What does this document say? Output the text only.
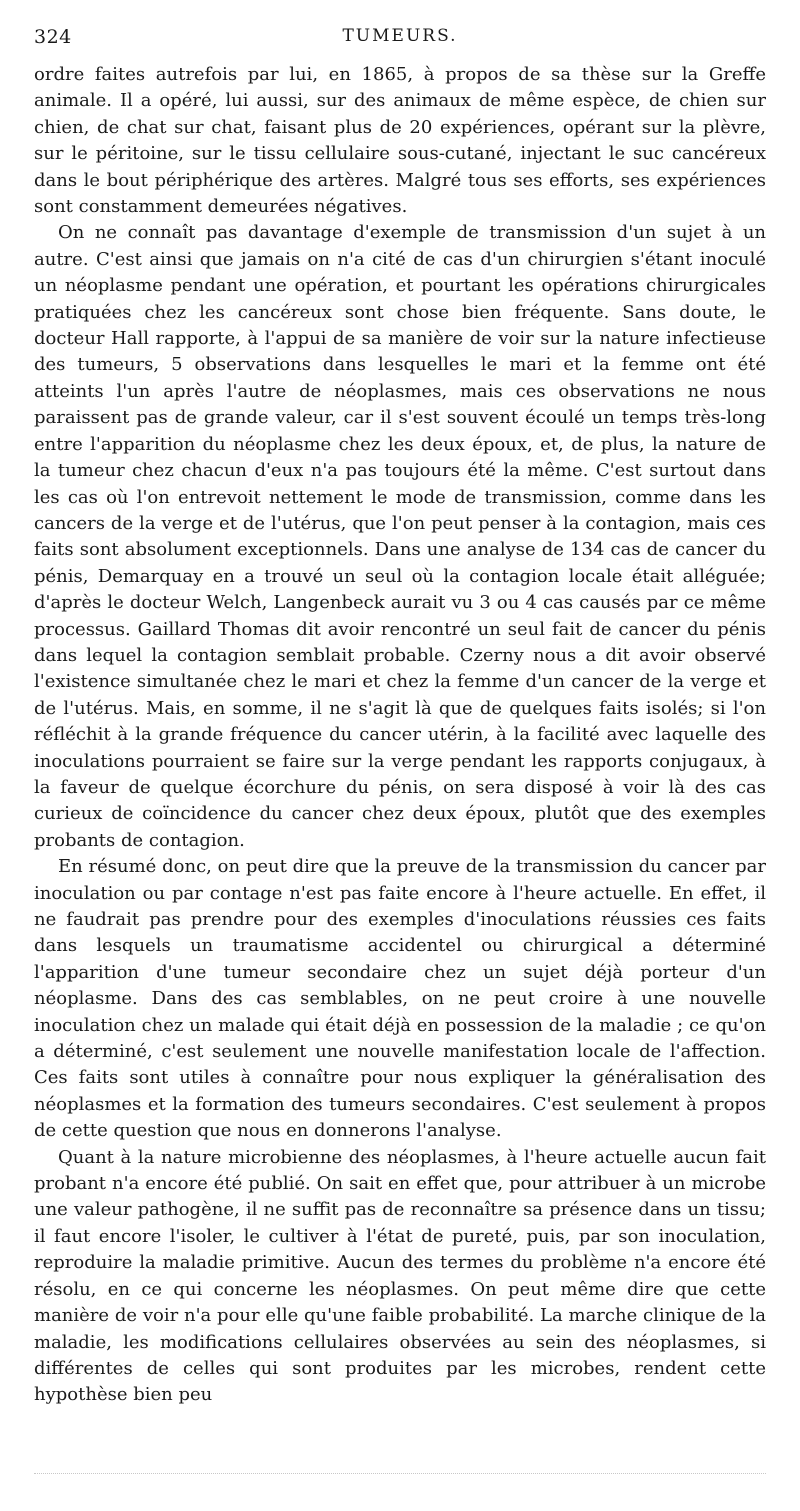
324	TUMEURS.

ordre faites autrefois par lui, en 1865, à propos de sa thèse sur la Greffe animale. Il a opéré, lui aussi, sur des animaux de même espèce, de chien sur chien, de chat sur chat, faisant plus de 20 expériences, opérant sur la plèvre, sur le péritoine, sur le tissu cellulaire sous-cutané, injectant le suc cancéreux dans le bout périphérique des artères. Malgré tous ses efforts, ses expériences sont constamment demeurées négatives.

On ne connaît pas davantage d'exemple de transmission d'un sujet à un autre. C'est ainsi que jamais on n'a cité de cas d'un chirurgien s'étant inoculé un néoplasme pendant une opération, et pourtant les opérations chirurgicales pratiquées chez les cancéreux sont chose bien fréquente. Sans doute, le docteur Hall rapporte, à l'appui de sa manière de voir sur la nature infectieuse des tumeurs, 5 observations dans lesquelles le mari et la femme ont été atteints l'un après l'autre de néoplasmes, mais ces observations ne nous paraissent pas de grande valeur, car il s'est souvent écoulé un temps très-long entre l'apparition du néoplasme chez les deux époux, et, de plus, la nature de la tumeur chez chacun d'eux n'a pas toujours été la même. C'est surtout dans les cas où l'on entrevoit nettement le mode de transmission, comme dans les cancers de la verge et de l'utérus, que l'on peut penser à la contagion, mais ces faits sont absolument exceptionnels. Dans une analyse de 134 cas de cancer du pénis, Demarquay en a trouvé un seul où la contagion locale était alléguée; d'après le docteur Welch, Langenbeck aurait vu 3 ou 4 cas causés par ce même processus. Gaillard Thomas dit avoir rencontré un seul fait de cancer du pénis dans lequel la contagion semblait probable. Czerny nous a dit avoir observé l'existence simultanée chez le mari et chez la femme d'un cancer de la verge et de l'utérus. Mais, en somme, il ne s'agit là que de quelques faits isolés; si l'on réfléchit à la grande fréquence du cancer utérin, à la facilité avec laquelle des inoculations pourraient se faire sur la verge pendant les rapports conjugaux, à la faveur de quelque écorchure du pénis, on sera disposé à voir là des cas curieux de coïncidence du cancer chez deux époux, plutôt que des exemples probants de contagion.

En résumé donc, on peut dire que la preuve de la transmission du cancer par inoculation ou par contage n'est pas faite encore à l'heure actuelle. En effet, il ne faudrait pas prendre pour des exemples d'inoculations réussies ces faits dans lesquels un traumatisme accidentel ou chirurgical a déterminé l'apparition d'une tumeur secondaire chez un sujet déjà porteur d'un néoplasme. Dans des cas semblables, on ne peut croire à une nouvelle inoculation chez un malade qui était déjà en possession de la maladie ; ce qu'on a déterminé, c'est seulement une nouvelle manifestation locale de l'affection. Ces faits sont utiles à connaître pour nous expliquer la généralisation des néoplasmes et la formation des tumeurs secondaires. C'est seulement à propos de cette question que nous en donnerons l'analyse.

Quant à la nature microbienne des néoplasmes, à l'heure actuelle aucun fait probant n'a encore été publié. On sait en effet que, pour attribuer à un microbe une valeur pathogène, il ne suffit pas de reconnaître sa présence dans un tissu; il faut encore l'isoler, le cultiver à l'état de pureté, puis, par son inoculation, reproduire la maladie primitive. Aucun des termes du problème n'a encore été résolu, en ce qui concerne les néoplasmes. On peut même dire que cette manière de voir n'a pour elle qu'une faible probabilité. La marche clinique de la maladie, les modifications cellulaires observées au sein des néoplasmes, si différentes de celles qui sont produites par les microbes, rendent cette hypothèse bien peu
